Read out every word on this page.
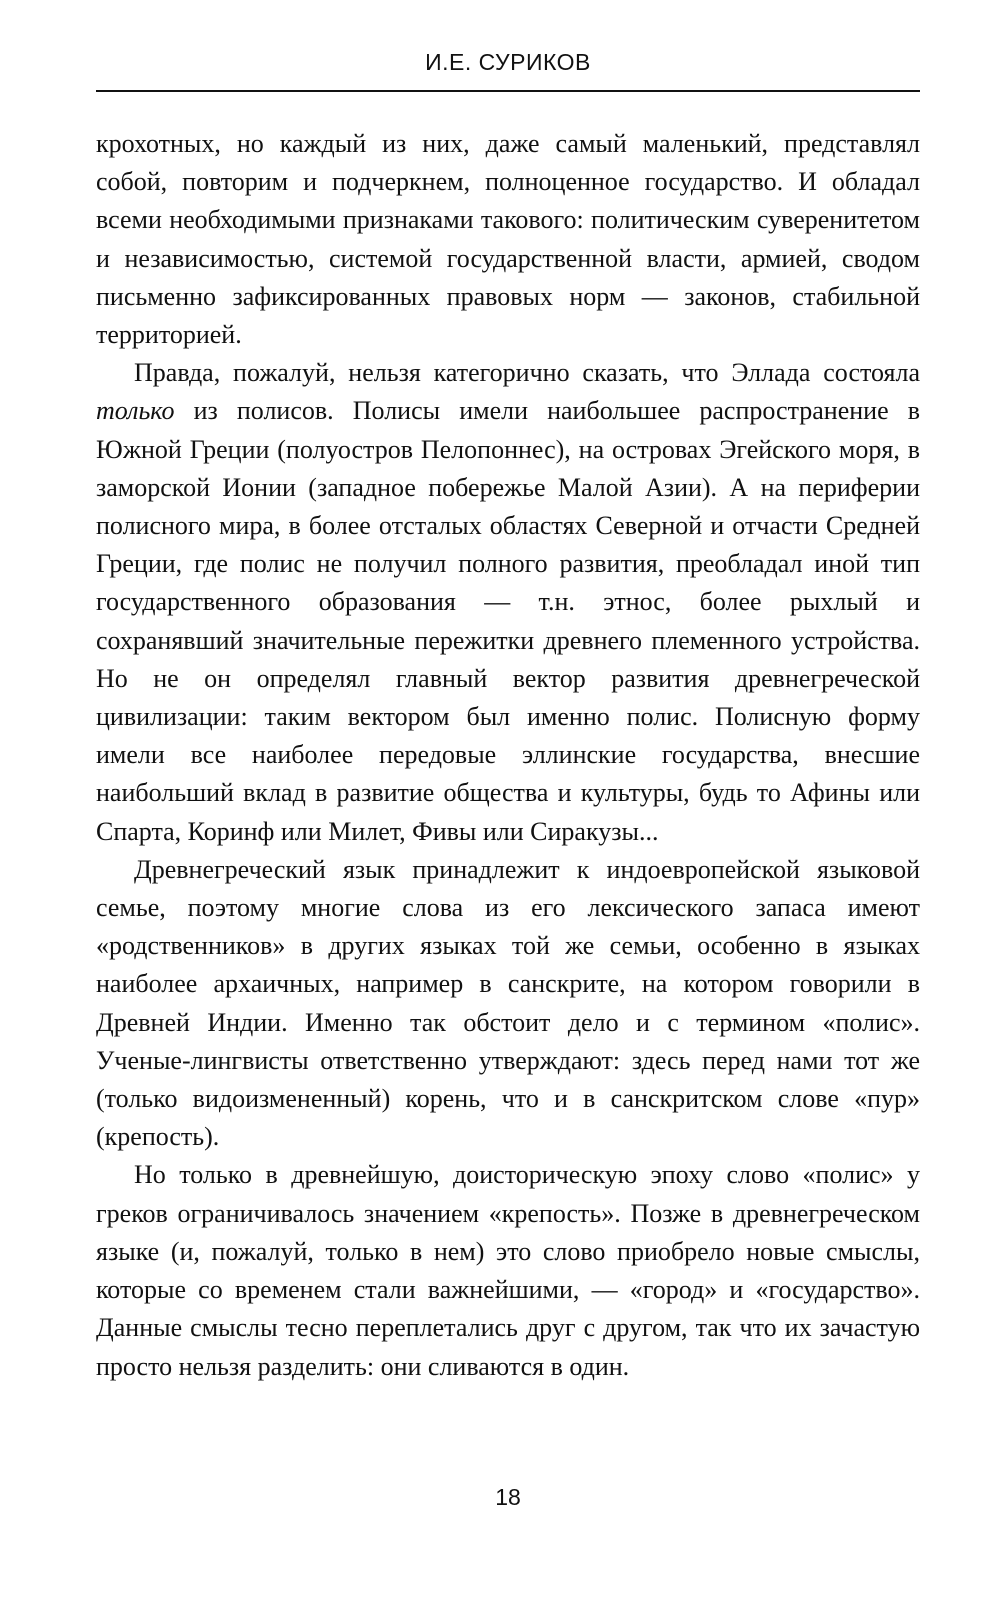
И.Е. СУРИКОВ

крохотных, но каждый из них, даже самый маленький, представлял собой, повторим и подчеркнем, полноценное государство. И обладал всеми необходимыми признаками такового: политическим суверенитетом и независимостью, системой государственной власти, армией, сводом письменно зафиксированных правовых норм — законов, стабильной территорией.

Правда, пожалуй, нельзя категорично сказать, что Эллада состояла только из полисов. Полисы имели наибольшее распространение в Южной Греции (полуостров Пелопоннес), на островах Эгейского моря, в заморской Ионии (западное побережье Малой Азии). А на периферии полисного мира, в более отсталых областях Северной и отчасти Средней Греции, где полис не получил полного развития, преобладал иной тип государственного образования — т.н. этнос, более рыхлый и сохранявший значительные пережитки древнего племенного устройства. Но не он определял главный вектор развития древнегреческой цивилизации: таким вектором был именно полис. Полисную форму имели все наиболее передовые эллинские государства, внесшие наибольший вклад в развитие общества и культуры, будь то Афины или Спарта, Коринф или Милет, Фивы или Сиракузы...

Древнегреческий язык принадлежит к индоевропейской языковой семье, поэтому многие слова из его лексического запаса имеют «родственников» в других языках той же семьи, особенно в языках наиболее архаичных, например в санскрите, на котором говорили в Древней Индии. Именно так обстоит дело и с термином «полис». Ученые-лингвисты ответственно утверждают: здесь перед нами тот же (только видоизмененный) корень, что и в санскритском слове «пур» (крепость).

Но только в древнейшую, доисторическую эпоху слово «полис» у греков ограничивалось значением «крепость». Позже в древнегреческом языке (и, пожалуй, только в нем) это слово приобрело новые смыслы, которые со временем стали важнейшими, — «город» и «государство». Данные смыслы тесно переплетались друг с другом, так что их зачастую просто нельзя разделить: они сливаются в один.

18
